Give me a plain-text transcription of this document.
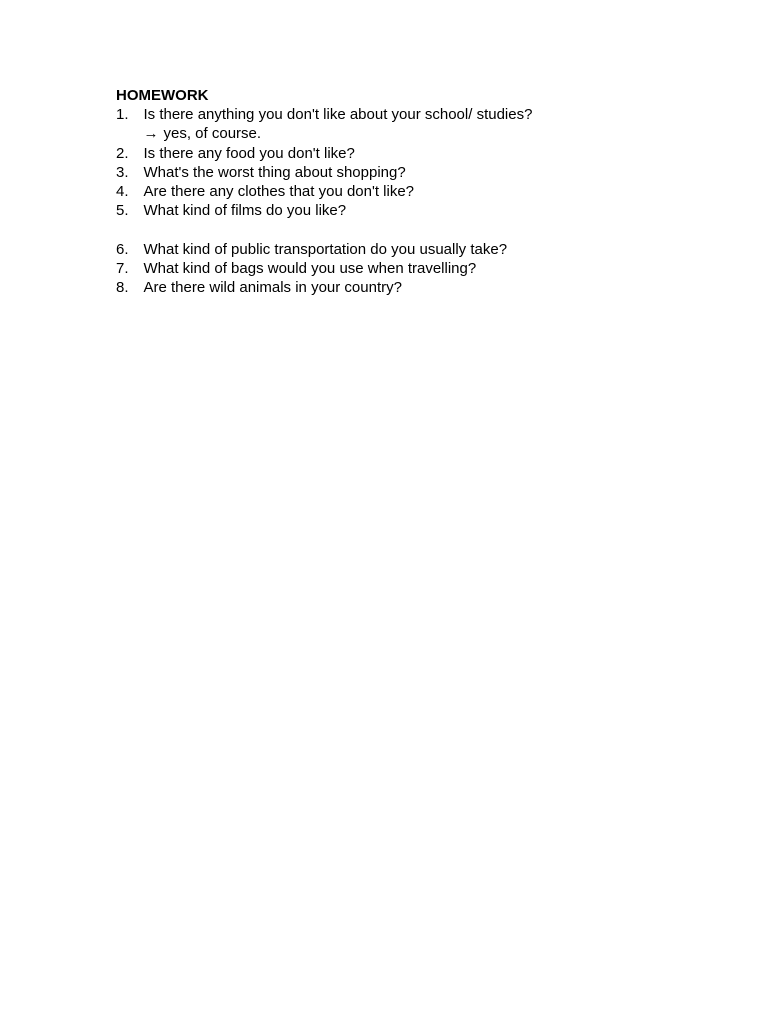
HOMEWORK
1. Is there anything you don't like about your school/ studies?
→ yes, of course.
2. Is there any food you don't like?
3. What's the worst thing about shopping?
4. Are there any clothes that you don't like?
5. What kind of films do you like?
6. What kind of public transportation do you usually take?
7. What kind of bags would you use when travelling?
8. Are there wild animals in your country?
